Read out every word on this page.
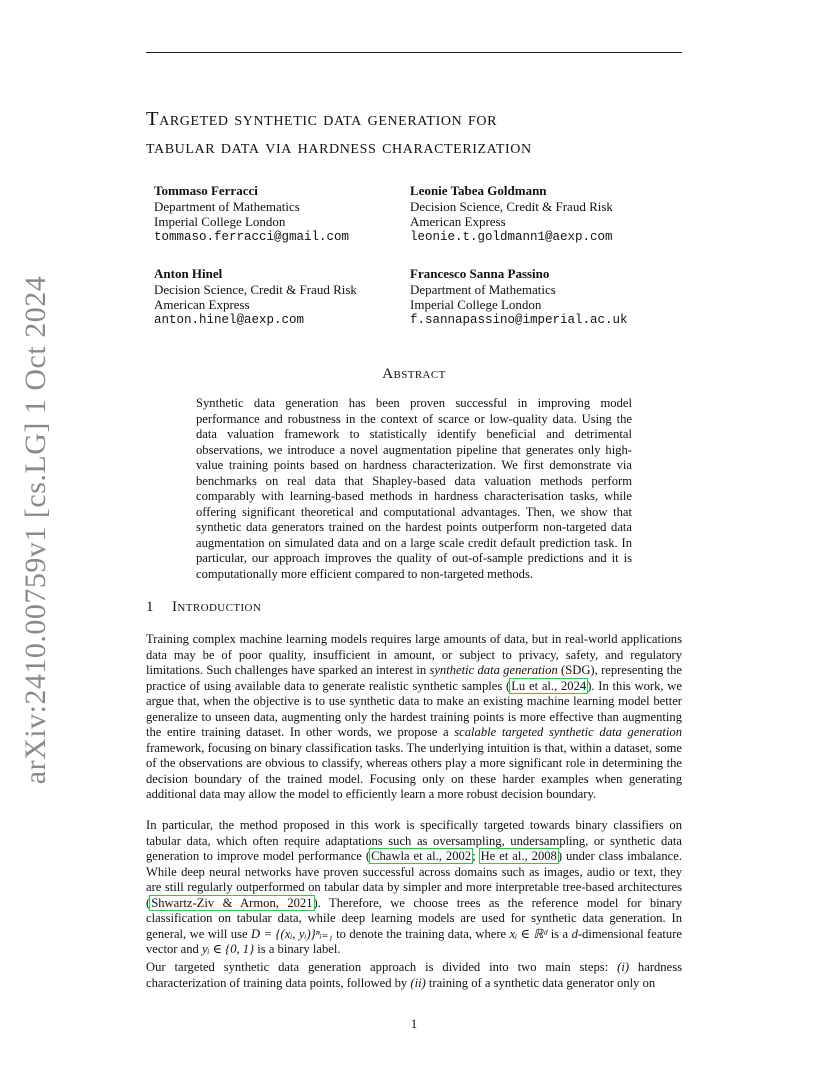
arXiv:2410.00759v1 [cs.LG] 1 Oct 2024
Targeted synthetic data generation for
tabular data via hardness characterization
Tommaso Ferracci
Department of Mathematics
Imperial College London
tommaso.ferracci@gmail.com
Leonie Tabea Goldmann
Decision Science, Credit & Fraud Risk
American Express
leonie.t.goldmann1@aexp.com
Anton Hinel
Decision Science, Credit & Fraud Risk
American Express
anton.hinel@aexp.com
Francesco Sanna Passino
Department of Mathematics
Imperial College London
f.sannapassino@imperial.ac.uk
Abstract

Synthetic data generation has been proven successful in improving model performance and robustness in the context of scarce or low-quality data. Using the data valuation framework to statistically identify beneficial and detrimental observations, we introduce a novel augmentation pipeline that generates only high-value training points based on hardness characterization. We first demonstrate via benchmarks on real data that Shapley-based data valuation methods perform comparably with learning-based methods in hardness characterisation tasks, while offering significant theoretical and computational advantages. Then, we show that synthetic data generators trained on the hardest points outperform non-targeted data augmentation on simulated data and on a large scale credit default prediction task. In particular, our approach improves the quality of out-of-sample predictions and it is computationally more efficient compared to non-targeted methods.

1 Introduction

Training complex machine learning models requires large amounts of data, but in real-world applications data may be of poor quality, insufficient in amount, or subject to privacy, safety, and regulatory limitations. Such challenges have sparked an interest in synthetic data generation (SDG), representing the practice of using available data to generate realistic synthetic samples (Lu et al., 2024). In this work, we argue that, when the objective is to use synthetic data to make an existing machine learning model better generalize to unseen data, augmenting only the hardest training points is more effective than augmenting the entire training dataset. In other words, we propose a scalable targeted synthetic data generation framework, focusing on binary classification tasks. The underlying intuition is that, within a dataset, some of the observations are obvious to classify, whereas others play a more significant role in determining the decision boundary of the trained model. Focusing only on these harder examples when generating additional data may allow the model to efficiently learn a more robust decision boundary.

In particular, the method proposed in this work is specifically targeted towards binary classifiers on tabular data, which often require adaptations such as oversampling, undersampling, or synthetic data generation to improve model performance (Chawla et al., 2002; He et al., 2008) under class imbalance. While deep neural networks have proven successful across domains such as images, audio or text, they are still regularly outperformed on tabular data by simpler and more interpretable tree-based architectures (Shwartz-Ziv & Armon, 2021). Therefore, we choose trees as the reference model for binary classification on tabular data, while deep learning models are used for synthetic data generation. In general, we will use D = {(xᵢ, yᵢ)}ⁿᵢ₌₁ to denote the training data, where xᵢ ∈ ℝᵈ is a d-dimensional feature vector and yᵢ ∈ {0, 1} is a binary label.

Our targeted synthetic data generation approach is divided into two main steps: (i) hardness characterization of training data points, followed by (ii) training of a synthetic data generator only on

1
